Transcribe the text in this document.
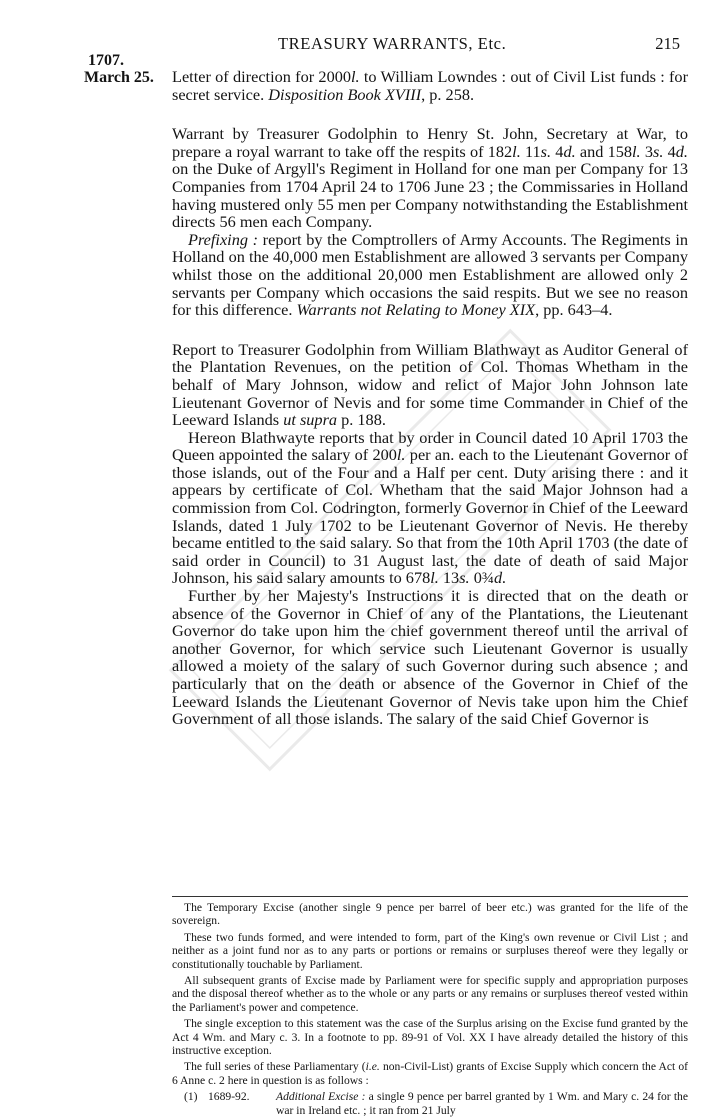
TREASURY WARRANTS, Etc.	215
1707.
March 25. Letter of direction for 2000l. to William Lowndes : out of Civil List funds : for secret service. Disposition Book XVIII, p. 258.

Warrant by Treasurer Godolphin to Henry St. John, Secretary at War, to prepare a royal warrant to take off the respits of 182l. 11s. 4d. and 158l. 3s. 4d. on the Duke of Argyll's Regiment in Holland for one man per Company for 13 Companies from 1704 April 24 to 1706 June 23 ; the Commissaries in Holland having mustered only 55 men per Company notwithstanding the Establishment directs 56 men each Company.

Prefixing : report by the Comptrollers of Army Accounts. The Regiments in Holland on the 40,000 men Establishment are allowed 3 servants per Company whilst those on the additional 20,000 men Establishment are allowed only 2 servants per Company which occasions the said respits. But we see no reason for this difference. Warrants not Relating to Money XIX, pp. 643–4.

Report to Treasurer Godolphin from William Blathwayt as Auditor General of the Plantation Revenues, on the petition of Col. Thomas Whetham in the behalf of Mary Johnson, widow and relict of Major John Johnson late Lieutenant Governor of Nevis and for some time Commander in Chief of the Leeward Islands ut supra p. 188.

Hereon Blathwayte reports that by order in Council dated 10 April 1703 the Queen appointed the salary of 200l. per an. each to the Lieutenant Governor of those islands, out of the Four and a Half per cent. Duty arising there : and it appears by certificate of Col. Whetham that the said Major Johnson had a commission from Col. Codrington, formerly Governor in Chief of the Leeward Islands, dated 1 July 1702 to be Lieutenant Governor of Nevis. He thereby became entitled to the said salary. So that from the 10th April 1703 (the date of said order in Council) to 31 August last, the date of death of said Major Johnson, his said salary amounts to 678l. 13s. 0¾d.

Further by her Majesty's Instructions it is directed that on the death or absence of the Governor in Chief of any of the Plantations, the Lieutenant Governor do take upon him the chief government thereof until the arrival of another Governor, for which service such Lieutenant Governor is usually allowed a moiety of the salary of such Governor during such absence ; and particularly that on the death or absence of the Governor in Chief of the Leeward Islands the Lieutenant Governor of Nevis take upon him the Chief Government of all those islands. The salary of the said Chief Governor is

The Temporary Excise (another single 9 pence per barrel of beer etc.) was granted for the life of the sovereign.

These two funds formed, and were intended to form, part of the King's own revenue or Civil List ; and neither as a joint fund nor as to any parts or portions or remains or surpluses thereof were they legally or constitutionally touchable by Parliament.

All subsequent grants of Excise made by Parliament were for specific supply and appropriation purposes and the disposal thereof whether as to the whole or any parts or any remains or surpluses thereof vested within the Parliament's power and competence.

The single exception to this statement was the case of the Surplus arising on the Excise fund granted by the Act 4 Wm. and Mary c. 3. In a footnote to pp. 89-91 of Vol. XX I have already detailed the history of this instructive exception.

The full series of these Parliamentary (i.e. non-Civil-List) grants of Excise Supply which concern the Act of 6 Anne c. 2 here in question is as follows :

(1) 1689-92. Additional Excise : a single 9 pence per barrel granted by 1 Wm. and Mary c. 24 for the war in Ireland etc. ; it ran from 21 July
